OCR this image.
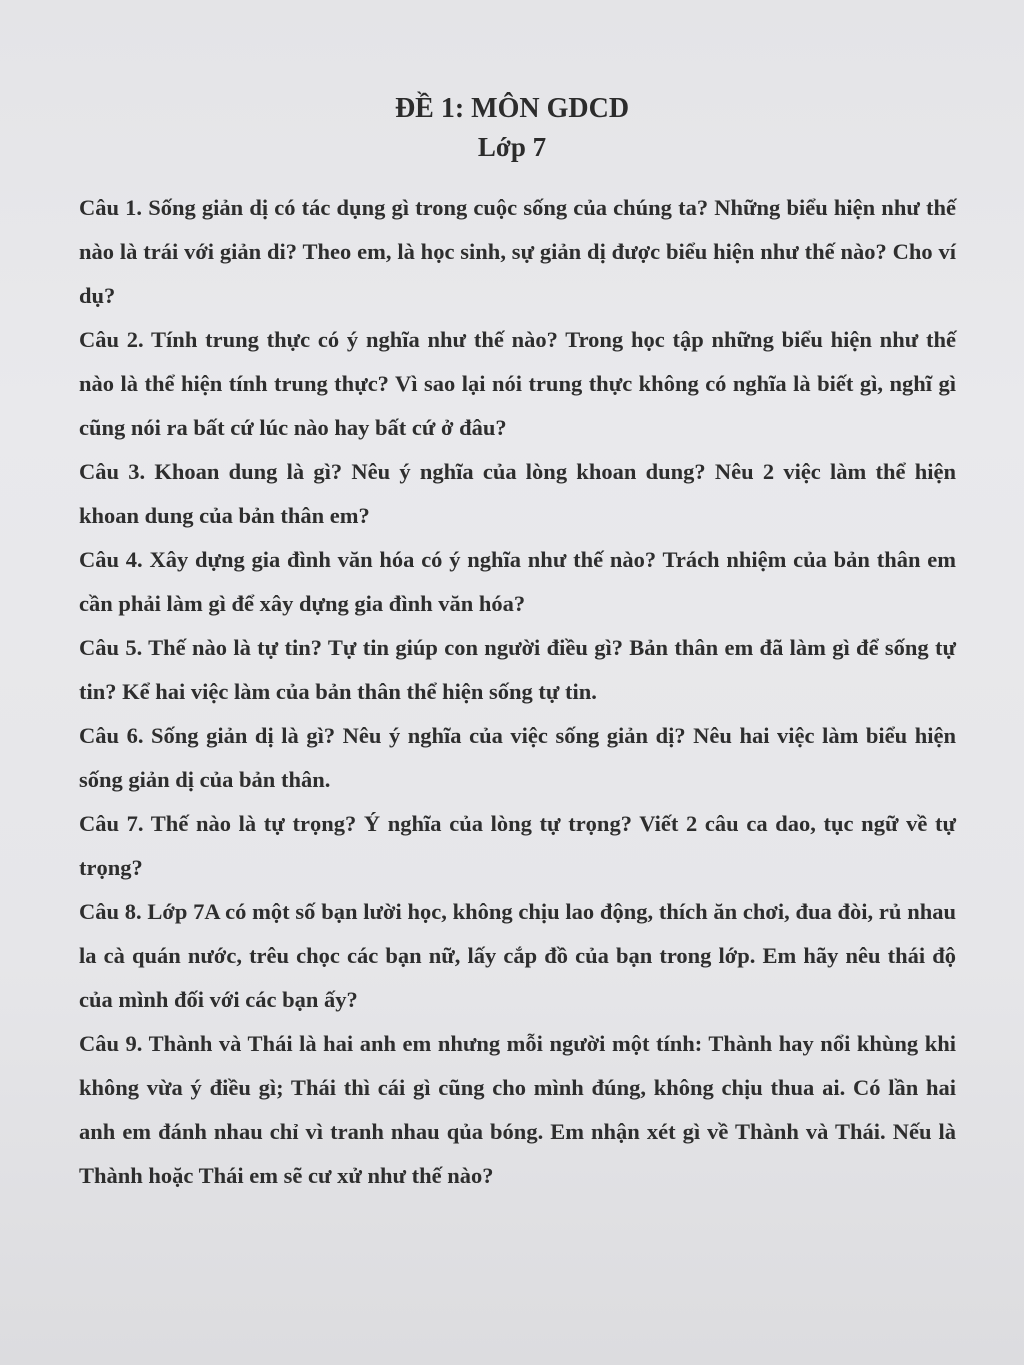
ĐỀ 1: MÔN GDCD
Lớp 7

Câu 1. Sống giản dị có tác dụng gì trong cuộc sống của chúng ta? Những biểu hiện như thế nào là trái với giản di? Theo em, là học sinh, sự giản dị được biểu hiện như thế nào? Cho ví dụ?

Câu 2. Tính trung thực có ý nghĩa như thế nào? Trong học tập những biểu hiện như thế nào là thể hiện tính trung thực? Vì sao lại nói trung thực không có nghĩa là biết gì, nghĩ gì cũng nói ra bất cứ lúc nào hay bất cứ ở đâu?

Câu 3. Khoan dung là gì? Nêu ý nghĩa của lòng khoan dung? Nêu 2 việc làm thể hiện khoan dung của bản thân em?

Câu 4. Xây dựng gia đình văn hóa có ý nghĩa như thế nào? Trách nhiệm của bản thân em cần phải làm gì để xây dựng gia đình văn hóa?

Câu 5. Thế nào là tự tin? Tự tin giúp con người điều gì? Bản thân em đã làm gì để sống tự tin? Kể hai việc làm của bản thân thể hiện sống tự tin.

Câu 6. Sống giản dị là gì? Nêu ý nghĩa của việc sống giản dị? Nêu hai việc làm biểu hiện sống giản dị của bản thân.

Câu 7. Thế nào là tự trọng? Ý nghĩa của lòng tự trọng? Viết 2 câu ca dao, tục ngữ về tự trọng?

Câu 8. Lớp 7A có một số bạn lười học, không chịu lao động, thích ăn chơi, đua đòi, rủ nhau la cà quán nước, trêu chọc các bạn nữ, lấy cắp đồ của bạn trong lớp. Em hãy nêu thái độ của mình đối với các bạn ấy?

Câu 9. Thành và Thái là hai anh em nhưng mỗi người một tính: Thành hay nổi khùng khi không vừa ý điều gì; Thái thì cái gì cũng cho mình đúng, không chịu thua ai. Có lần hai anh em đánh nhau chỉ vì tranh nhau qủa bóng. Em nhận xét gì về Thành và Thái. Nếu là Thành hoặc Thái em sẽ cư xử như thế nào?
